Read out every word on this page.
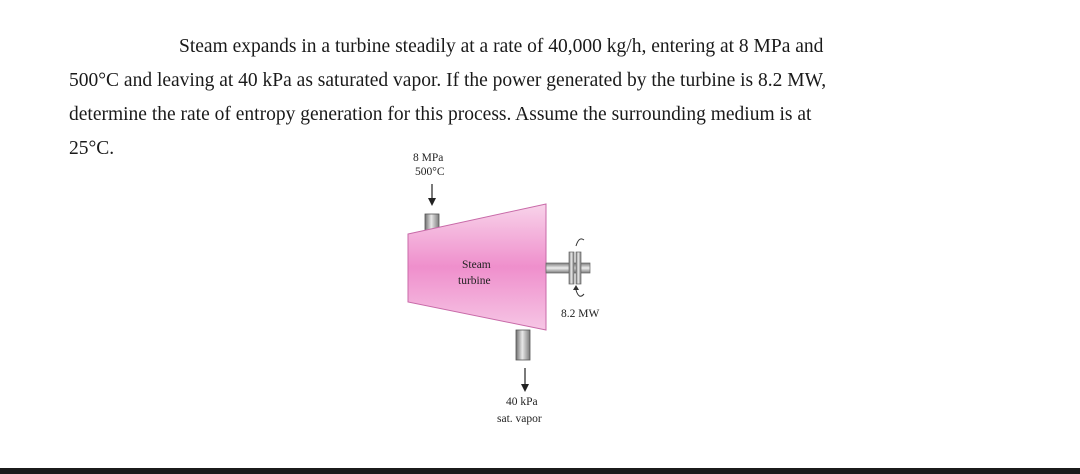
Steam expands in a turbine steadily at a rate of 40,000 kg/h, entering at 8 MPa and
500°C and leaving at 40 kPa as saturated vapor. If the power generated by the turbine is 8.2 MW,
determine the rate of entropy generation for this process. Assume the surrounding medium is at
25°C.	8 MPa
500°C
Steam
turbine
8.2 MW
40 kPa
sat. vapor
